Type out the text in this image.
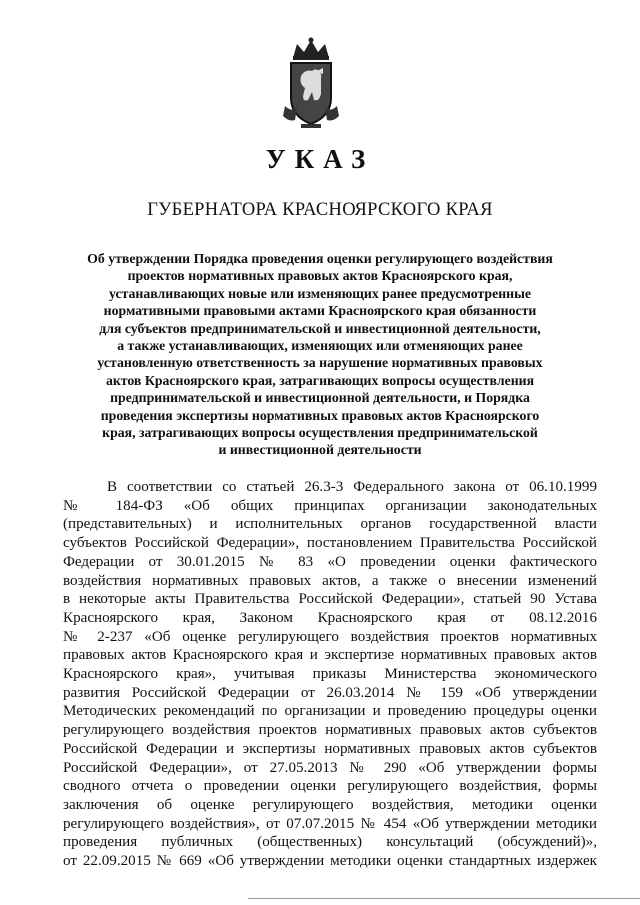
УКАЗ
ГУБЕРНАТОРА КРАСНОЯРСКОГО КРАЯ
Об утверждении Порядка проведения оценки регулирующего воздействия
проектов нормативных правовых актов Красноярского края,
устанавливающих новые или изменяющих ранее предусмотренные
нормативными правовыми актами Красноярского края обязанности
для субъектов предпринимательской и инвестиционной деятельности,
а также устанавливающих, изменяющих или отменяющих ранее
установленную ответственность за нарушение нормативных правовых
актов Красноярского края, затрагивающих вопросы осуществления
предпринимательской и инвестиционной деятельности, и Порядка
проведения экспертизы нормативных правовых актов Красноярского
края, затрагивающих вопросы осуществления предпринимательской
и инвестиционной деятельности
В соответствии со статьей 26.3-3 Федерального закона от 06.10.1999
№ 184-ФЗ «Об общих принципах организации законодательных
(представительных) и исполнительных органов государственной власти
субъектов Российской Федерации», постановлением Правительства Российской
Федерации от 30.01.2015 № 83 «О проведении оценки фактического
воздействия нормативных правовых актов, а также о внесении изменений
в некоторые акты Правительства Российской Федерации», статьей 90 Устава
Красноярского края, Законом Красноярского края от 08.12.2016
№ 2-237 «Об оценке регулирующего воздействия проектов нормативных
правовых актов Красноярского края и экспертизе нормативных правовых актов
Красноярского края», учитывая приказы Министерства экономического
развития Российской Федерации от 26.03.2014 № 159 «Об утверждении
Методических рекомендаций по организации и проведению процедуры оценки
регулирующего воздействия проектов нормативных правовых актов субъектов
Российской Федерации и экспертизы нормативных правовых актов субъектов
Российской Федерации», от 27.05.2013 № 290 «Об утверждении формы
сводного отчета о проведении оценки регулирующего воздействия, формы
заключения об оценке регулирующего воздействия, методики оценки
регулирующего воздействия», от 07.07.2015 № 454 «Об утверждении методики
проведения публичных (общественных) консультаций (обсуждений)»,
от 22.09.2015 № 669 «Об утверждении методики оценки стандартных издержек
